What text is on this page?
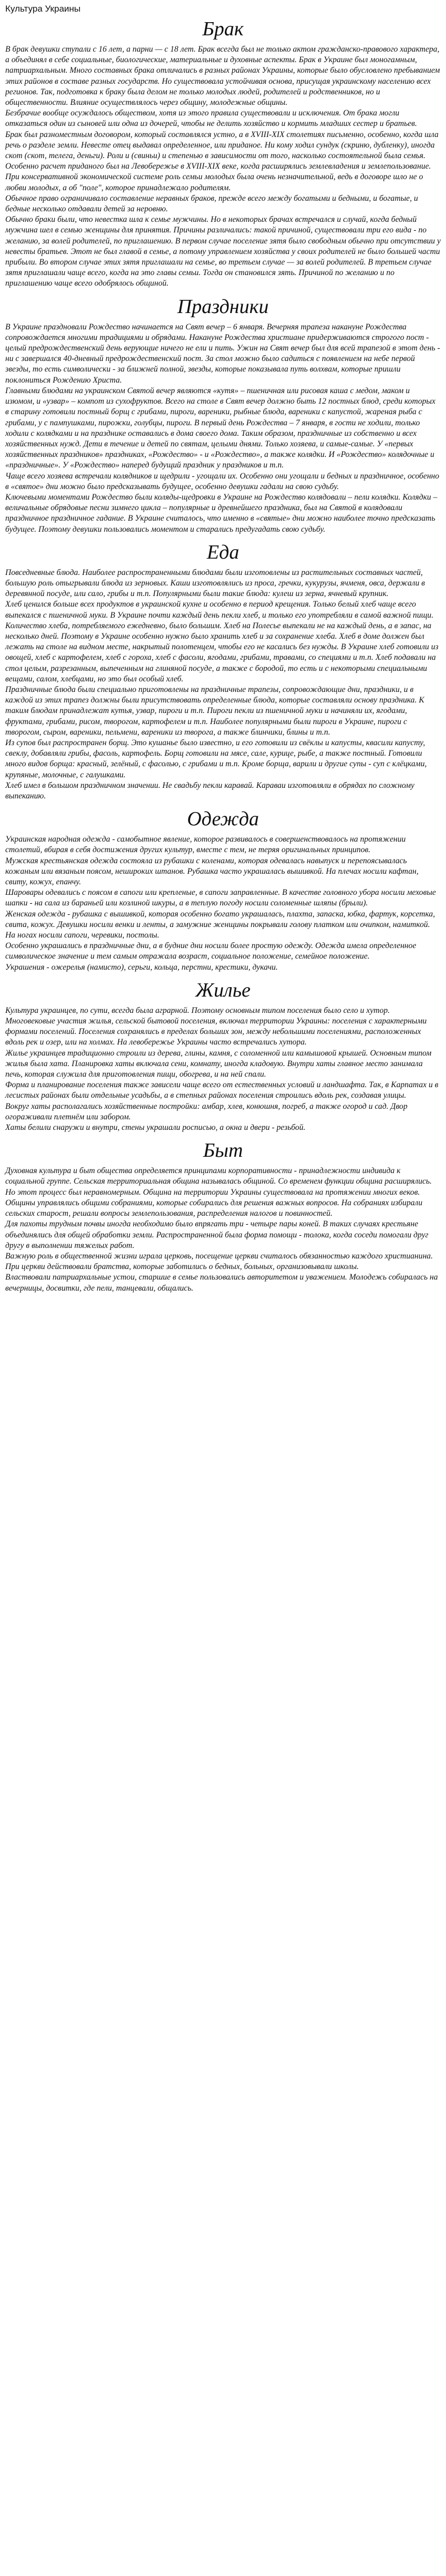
Культура Украины
Брак

В брак девушки ступали с 16 лет, а парни — с 18 лет. Брак всегда был не только актом гражданско-правового характера, а объединял в себе социальные, биологические, материальные и духовные аспекты. Брак в Украине был моногамным, патриархальным. Много составных брака отличались в разных районах Украины, которые было обусловлено пребыванием этих районов в составе разных государств. Но существовала устойчивая основа, присущая украинскому населению всех регионов. Так, подготовка к браку была делом не только молодых людей, родителей и родственников, но и общественности. Влияние осуществлялось через общину, молодежные общины.

Безбрачие вообще осуждалось обществом, хотя из этого правила существовали и исключения. От брака могли отказаться один из сыновей или одна из дочерей, чтобы не делить хозяйство и кормить младших сестер и братьев.

Брак был разноместным договором, который составлялся устно, а в XVIII-XIX столетиях письменно, особенно, когда шла речь о разделе земли. Невесте отец выдавал определенное, или приданое. Ни кому ходил сундук (скриню, дубленку), иногда скот (скот, телега, деньги). Роли и (свиньи) и степенью в зависимости от того, насколько состоятельной была семья. Особенно расчет приданого был на Левобережье в XVIII-XIX веке, когда расширялись землевладения и землепользование. При консервативной экономической системе роль семьи молодых была очень незначительной, ведь в договоре шло не о любви молодых, а об "поле", которое принадлежало родителям.

Обычное право ограничивало составление неравных браков, прежде всего между богатыми и бедными, и богатые, и бедные несколько отдавали детей за неровню.

Обычно браки были, что невестка шла к семье мужчины. Но в некоторых брачах встречался и случай, когда бедный мужчина шел в семью женщины для принятия. Причины различались: такой причиной, существовали три его вида - по желанию, за волей родителей, по приглашению. В первом случае поселение зятя было свободным обычно при отсутствии у невесты братьев. Этот не был главой в семье, а потому управлением хозяйства у своих родителей не было большей части прибыли. Во втором случае этих зятя приглашали на семье, во третьем случае — за волей родителей. В третьем случае зятя приглашали чаще всего, когда на это главы семьи. Тогда он становился зять. Причиной по желанию и по приглашению чаще всего одобрялось общиной.

Праздники

В Украине праздновали Рождество начинается на Свят вечер – 6 января. Вечерняя трапеза накануне Рождества сопровождается многими традициями и обрядами. Накануне Рождества христиане придерживаются строгого пост - целый предрождественский день верующие ничего не ели и пить. Ужин на Свят вечер был для всей трапезой в этот день - ни с завершался 40-дневный предрождественский пост. За стол можно было садиться с появлением на небе первой звезды, то есть символически - за ближней полной, звезды, которые показывала путь волхвам, которые пришли поклониться Рождению Христа.

Главными блюдами на украинском Святой вечер являются «кутя» – пшеничная или рисовая каша с медом, маком и изюмом, и «узвар» – компот из сухофруктов. Всего на столе в Свят вечер должно быть 12 постных блюд, среди которых в старину готовили постный борщ с грибами, пироги, вареники, рыбные блюда, вареники с капустой, жареная рыба с грибами, у с пампушками, пирожки, голубцы, пироги. В первый день Рождества – 7 января, в гости не ходили, только ходили с колядками и на празднике оставались в дома своего дома. Таким образом, праздничные из собственно и всех хозяйственных нужд. Дети в течение и детей по святам, целыми днями. Только хозяева, и самые-самые. У «первых хозяйственных праздников» праздниках, «Рождество» - и «Рождество», а также колядки. И «Рождество» колядочные и «праздничные». У «Рождество» наперед будущий праздник у праздников и т.п.

Чаще всего хозяева встречали колядников и щедрили - угощали их. Особенно они угощали и бедных и праздничное, особенно в «святое» дни можно было предсказывать будущее, особенно девушки гадали на свою судьбу.

Ключевыми моментами Рождество были коляды-щедровки в Украине на Рождество колядовали – пели колядки. Колядки – величальные обрядовые песни зимнего цикла – популярные и древнейшего праздника, был на Святой в колядовали праздничное праздничное гадание. В Украине считалось, что именно в «святые» дни можно наиболее точно предсказать будущее. Поэтому девушки пользовались моментом и старались предугадать свою судьбу.

Еда

Повседневные блюда. Наиболее распространенными блюдами были изготовлены из растительных составных частей, большую роль отыгрывали блюда из зерновых. Каши изготовлялись из проса, гречки, кукурузы, ячменя, овса, держали в деревянной посуде, или сало, грибы и т.п. Популярными были такие блюда: кулеш из зерна, ячневый крупник.

Хлеб ценился больше всех продуктов в украинской кухне и особенно в период крещения. Только белый хлеб чаще всего выпекался с пшеничной муки. В Украине почти каждый день пекли хлеб, и только его употребляли в самой важной пищи. Количество хлеба, потребляемого ежедневно, было большим. Хлеб на Полесье выпекали не на каждый день, а в запас, на несколько дней. Поэтому в Украине особенно нужно было хранить хлеб и за сохранение хлеба. Хлеб в доме должен был лежать на столе на видном месте, накрытый полотенцем, чтобы его не касались без нужды. В Украине хлеб готовили из овощей, хлеб с картофелем, хлеб с гороха, хлеб с фасоли, ягодами, грибами, травами, со специями и т.п. Хлеб подавали на стол целым, разрезанным, выпеченным на глиняной посуде, а также с бородой, то есть и с некоторыми специальными вещами, салом, хлебцами, но это был особый хлеб.

Праздничные блюда были специально приготовлены на праздничные трапезы, сопровождающие дни, праздники, и в каждой из этих трапез должны были присутствовать определенные блюда, которые составляли основу праздника. К таким блюдам принадлежат кутья, узвар, пироги и т.п. Пироги пекли из пшеничной муки и начиняли их, ягодами, фруктами, грибами, рисом, творогом, картофелем и т.п. Наиболее популярными были пироги в Украине, пироги с творогом, сыром, вареники, пельмени, вареники из творога, а также блинчики, блины и т.п.

Из супов был распространен борщ. Это кушанье было известно, и его готовили из свёклы и капусты, квасили капусту, свеклу, добавляли грибы, фасоль, картофель. Борщ готовили на мясе, сале, курице, рыбе, а также постный. Готовили много видов борща: красный, зелёный, с фасолью, с грибами и т.п. Кроме борща, варили и другие супы - суп с клёцками, крупяные, молочные, с галушками.

Хлеб имел в большом праздничном значении. Не свадьбу пекли каравай. Караваи изготовляли в обрядах по сложному выпеканию.

Одежда

Украинская народная одежда - самобытное явление, которое развивалось в совершенствовалось на протяжении столетий, вбирая в себя достижения других культур, вместе с тем, не теряя оригинальных принципов.

Мужская крестьянская одежда состояла из рубашки с коленами, которая одевалась навыпуск и перепоясывалась кожаным или вязаным поясом, нешироких штанов. Рубашка часто украшалась вышивкой. На плечах носили кафтан, свиту, кожух, епанчу.

Шаровары одевались с поясом в сапоги или крепленые, в сапоги заправленные. В качестве головного убора носили меховые шапки - на сала из бараньей или козлиной шкуры, а в теплую погоду носили соломенные шляпы (брыли).

Женская одежда - рубашка с вышивкой, которая особенно богато украшалась, плахта, запаска, юбка, фартук, корсетка, свита, кожух. Девушки носили венки и ленты, а замужние женщины покрывали голову платком или очипком, намиткой. На ногах носили сапоги, черевики, постолы.

Особенно украшались в праздничные дни, а в будние дни носили более простую одежду. Одежда имела определенное символическое значение и тем самым отражала возраст, социальное положение, семейное положение.

Украшения - ожерелья (намисто), серьги, кольца, перстни, крестики, дукачи.

Жилье

Культура украинцев, по сути, всегда была аграрной. Поэтому основным типом поселения было село и хутор. Многовековые участия жилья, сельской бытовой поселения, включал территории Украины: поселения с характерными формами поселений. Поселения сохранялись в пределах больших зон, между небольшими поселениями, расположенных вдоль рек и озер, или на холмах. На левобережье Украины часто встречались хутора.

Жилье украинцев традиционно строили из дерева, глины, камня, с соломенной или камышовой крышей. Основным типом жилья была хата. Планировка хаты включала сени, комнату, иногда кладовую. Внутри хаты главное место занимала печь, которая служила для приготовления пищи, обогрева, и на ней спали.

Форма и планирование поселения также зависели чаще всего от естественных условий и ландшафта. Так, в Карпатах и в лесистых районах были отдельные усадьбы, а в степных районах поселения строились вдоль рек, создавая улицы.

Вокруг хаты располагались хозяйственные постройки: амбар, хлев, конюшня, погреб, а также огород и сад. Двор огораживали плетнём или забором.

Хаты белили снаружи и внутри, стены украшали росписью, а окна и двери - резьбой.

Быт

Духовная культура и быт общества определяется принципами корпоративности - принадлежности индивида к социальной группе. Сельская территориальная община называлась общиной. Со временем функции община расширялись. Но этот процесс был неравномерным. Община на территории Украины существовала на протяжении многих веков.

Общины управлялись общими собраниями, которые собирались для решения важных вопросов. На собраниях избирали сельских старост, решали вопросы землепользования, распределения налогов и повинностей.

Для пахоты трудным почвы иногда необходимо было впрягать три - четыре пары коней. В таких случаях крестьяне объединялись для общей обработки земли. Распространенной была форма помощи - толока, когда соседи помогали друг другу в выполнении тяжелых работ.

Важную роль в общественной жизни играла церковь, посещение церкви считалось обязанностью каждого христианина. При церкви действовали братства, которые заботились о бедных, больных, организовывали школы.

Властвовали патриархальные устои, старшие в семье пользовались авторитетом и уважением. Молодежь собиралась на вечерницы, досвитки, где пели, танцевали, общались.
